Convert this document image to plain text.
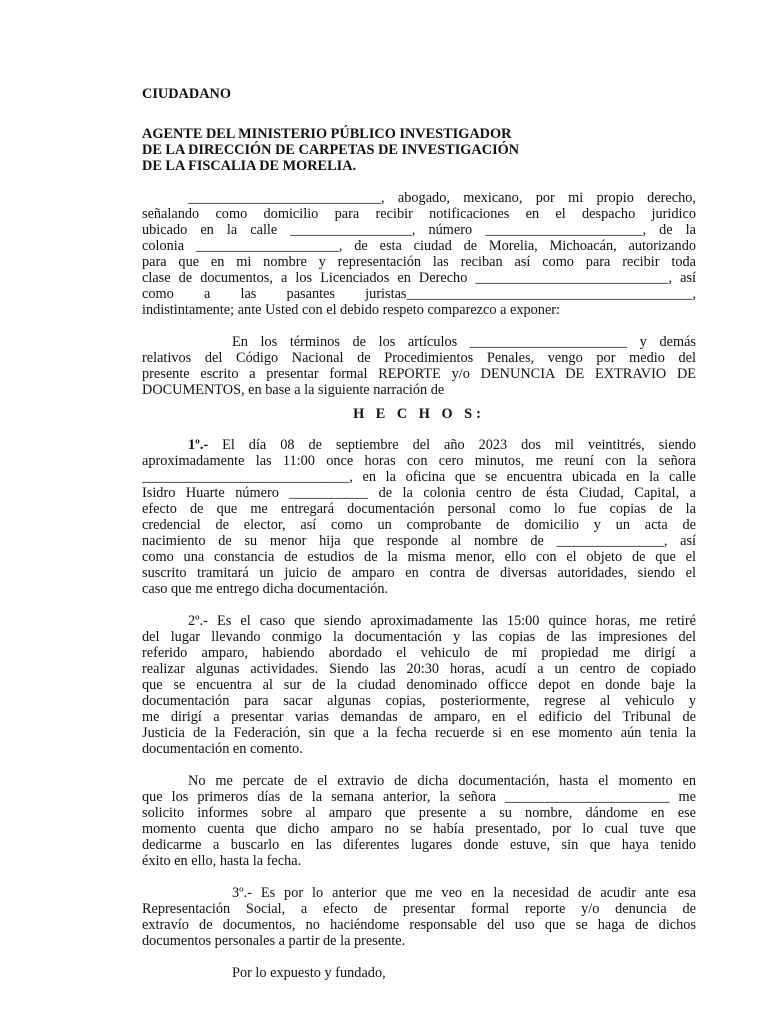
CIUDADANO
AGENTE DEL MINISTERIO PÚBLICO INVESTIGADOR
DE LA DIRECCIÓN DE CARPETAS DE INVESTIGACIÓN
DE LA FISCALIA DE MORELIA.
___________________________, abogado, mexicano, por mi propio derecho,
señalando como domicilio para recibir notificaciones en el despacho juridico
ubicado en la calle _________________, número ______________________, de la
colonia ____________________, de esta ciudad de Morelia, Michoacán, autorizando
para que en mi nombre y representación las reciban así como para recibir toda
clase de documentos, a los Licenciados en Derecho ___________________________, así
como a las pasantes juristas________________________________________,
indistintamente; ante Usted con el debido respeto comparezco a exponer:
En los términos de los artículos ______________________ y demás
relativos del Código Nacional de Procedimientos Penales, vengo por medio del
presente escrito a presentar formal REPORTE y/o DENUNCIA DE EXTRAVIO DE
DOCUMENTOS, en base a la siguiente narración de
H E C H O S:
1º.- El día 08 de septiembre del año 2023 dos mil veintitrés, siendo
aproximadamente las 11:00 once horas con cero minutos, me reuní con la señora
_____________________________, en la oficina que se encuentra ubicada en la calle
Isidro Huarte número ___________ de la colonia centro de ésta Ciudad, Capital, a
efecto de que me entregará documentación personal como lo fue copias de la
credencial de elector, así como un comprobante de domicilio y un acta de
nacimiento de su menor hija que responde al nombre de _______________, así
como una constancia de estudios de la misma menor, ello con el objeto de que el
suscrito tramitará un juicio de amparo en contra de diversas autoridades, siendo el
caso que me entrego dicha documentación.
2º.- Es el caso que siendo aproximadamente las 15:00 quince horas, me retiré
del lugar llevando conmigo la documentación y las copias de las impresiones del
referido amparo, habiendo abordado el vehiculo de mi propiedad me dirigí a
realizar algunas actividades. Siendo las 20:30 horas, acudí a un centro de copiado
que se encuentra al sur de la ciudad denominado officce depot en donde baje la
documentación para sacar algunas copias, posteriormente, regrese al vehiculo y
me dirigí a presentar varias demandas de amparo, en el edificio del Tribunal de
Justicia de la Federación, sin que a la fecha recuerde si en ese momento aún tenia la
documentación en comento.
No me percate de el extravio de dicha documentación, hasta el momento en
que los primeros días de la semana anterior, la señora _______________________ me
solicito informes sobre al amparo que presente a su nombre, dándome en ese
momento cuenta que dicho amparo no se había presentado, por lo cual tuve que
dedicarme a buscarlo en las diferentes lugares donde estuve, sin que haya tenido
éxito en ello, hasta la fecha.
3º.- Es por lo anterior que me veo en la necesidad de acudir ante esa
Representación Social, a efecto de presentar formal reporte y/o denuncia de
extravío de documentos, no haciéndome responsable del uso que se haga de dichos
documentos personales a partir de la presente.
Por lo expuesto y fundado,
